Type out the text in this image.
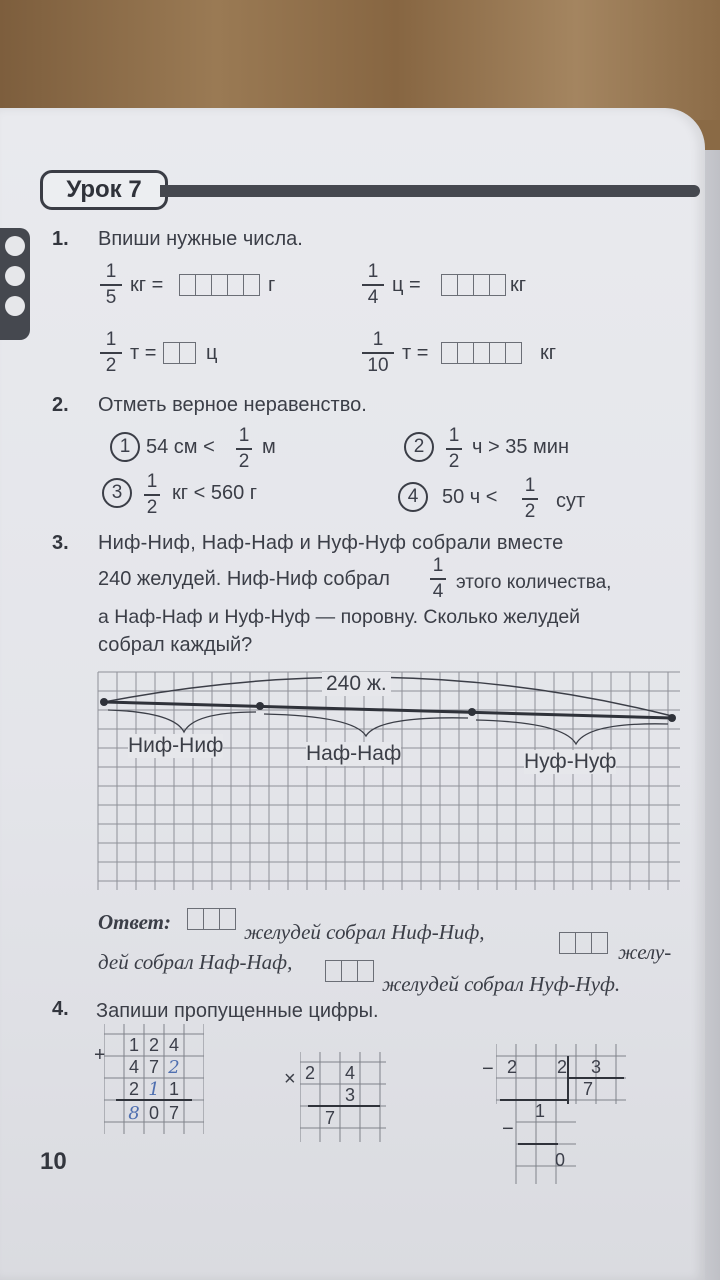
Урок 7
1. Впиши нужные числа.
1
5
кг =	г
1
4
ц =	кг
1
2
т = ц
1
10
т =	кг
2. Отметь верное неравенство.
1 54 см <
1
2
м	2
1
2
ч > 35 мин
3
1
2
кг < 560 г	4	50 ч <
1
2 сут
3. Ниф-Ниф, Наф-Наф и Нуф-Нуф собрали вместе
240 желудей. Ниф-Ниф собрал
1
4 этого количества,
а Наф-Наф и Нуф-Нуф — поровну. Сколько желудей
собрал каждый?
240 ж.
Ниф-Ниф	Наф-Наф	Нуф-Нуф
Ответ:	желудей собрал Ниф-Ниф,
желу-
дей собрал Наф-Наф,
желудей собрал Нуф-Нуф.
4. Запиши пропущенные цифры.
+ 1 2 4
4 7 2
2 1 1
8 0 7
× 2 4
3
7
− 2 2 3
7
1
−
0
10
